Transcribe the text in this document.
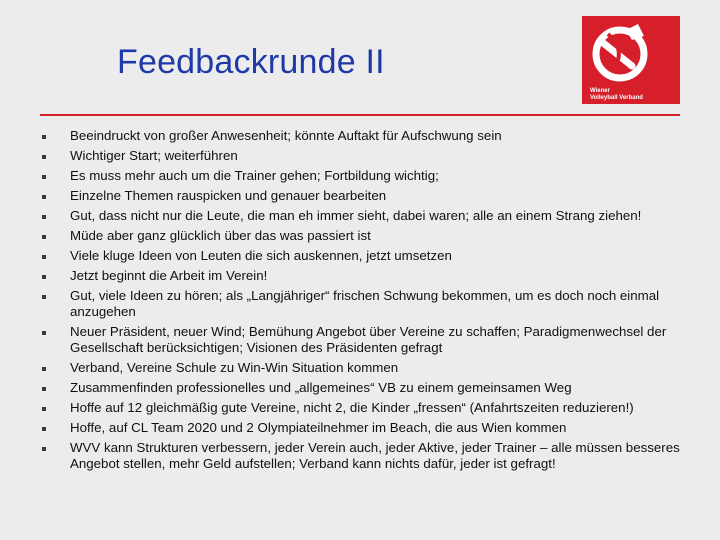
Feedbackrunde II
Wiener
Volleyball Verband
Beeindruckt von großer Anwesenheit; könnte Auftakt für Aufschwung sein
Wichtiger Start; weiterführen
Es muss mehr auch um die Trainer gehen; Fortbildung wichtig;
Einzelne Themen rauspicken und genauer bearbeiten
Gut, dass nicht nur die Leute, die man eh immer sieht, dabei waren; alle an einem Strang ziehen!
Müde aber ganz glücklich über das was passiert ist
Viele kluge Ideen von Leuten die sich auskennen, jetzt umsetzen
Jetzt beginnt die Arbeit im Verein!
Gut, viele Ideen zu hören; als „Langjähriger“ frischen Schwung bekommen, um es doch noch einmal anzugehen
Neuer Präsident, neuer Wind; Bemühung Angebot über Vereine zu schaffen; Paradigmenwechsel der Gesellschaft berücksichtigen; Visionen des Präsidenten gefragt
Verband, Vereine Schule zu Win-Win Situation kommen
Zusammenfinden professionelles und „allgemeines“ VB zu einem gemeinsamen Weg
Hoffe auf 12 gleichmäßig gute Vereine, nicht 2, die Kinder „fressen“ (Anfahrtszeiten reduzieren!)
Hoffe, auf CL Team 2020 und 2 Olympiateilnehmer im Beach, die aus Wien kommen
WVV kann Strukturen verbessern, jeder Verein auch, jeder Aktive, jeder Trainer – alle müssen besseres Angebot stellen, mehr Geld aufstellen; Verband kann nichts dafür, jeder ist gefragt!
